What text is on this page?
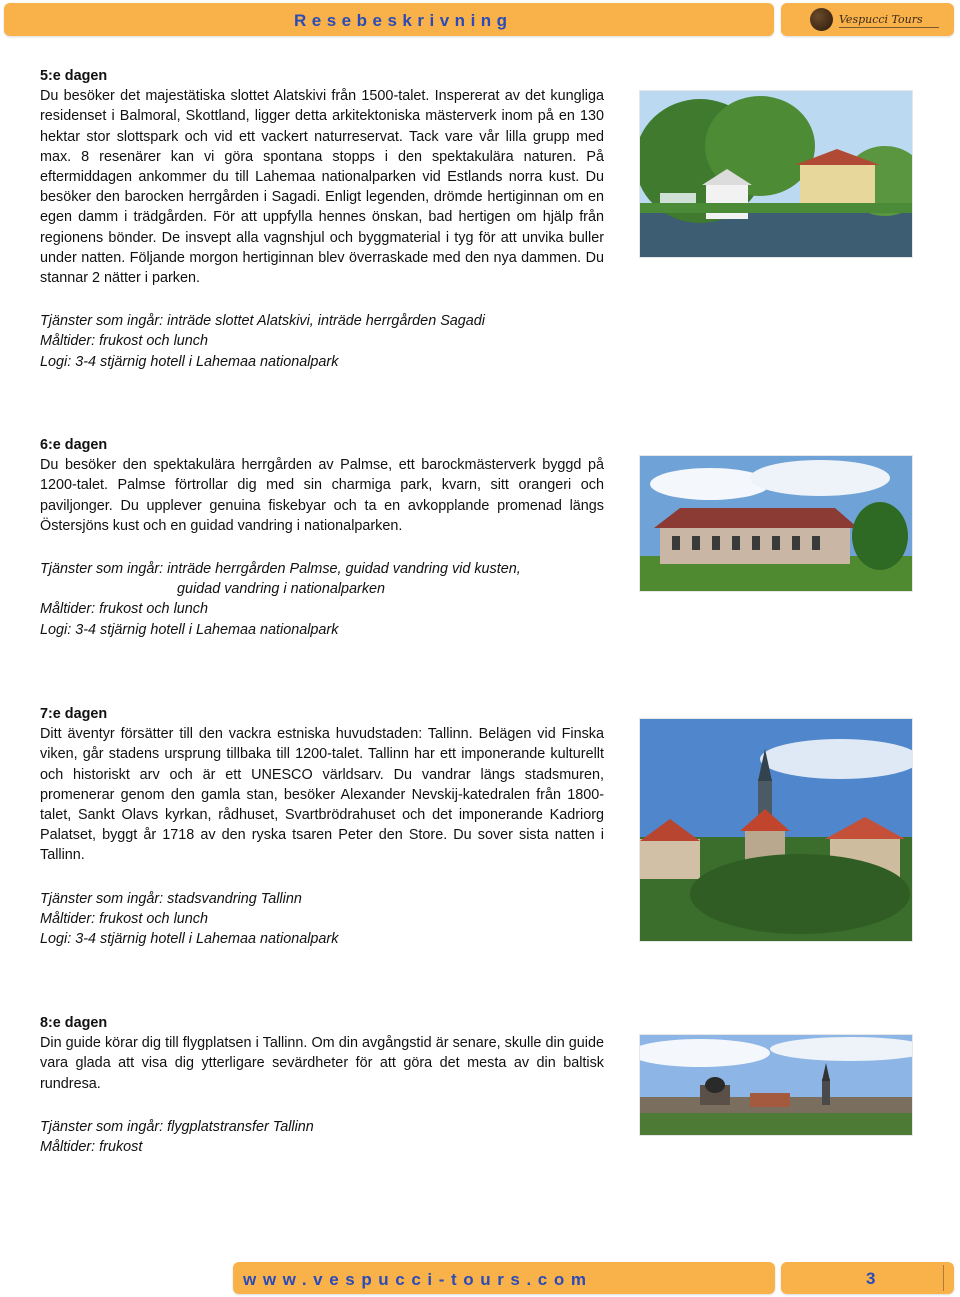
Resebeskrivning	Vespucci Tours
5:e dagen

Du besöker det majestätiska slottet Alatskivi från 1500-talet. Inspererat av det kungliga residenset i Balmoral, Skottland, ligger detta arkitektoniska mästerverk inom på en 130 hektar stor slottspark och vid ett vackert naturreservat. Tack vare vår lilla grupp med max. 8 resenärer kan vi göra spontana stopps i den spektakulära naturen. På eftermiddagen ankommer du till Lahemaa nationalparken vid Estlands norra kust. Du besöker den barocken herrgården i Sagadi. Enligt legenden, drömde hertiginnan om en egen damm i trädgården. För att uppfylla hennes önskan, bad hertigen om hjälp från regionens bönder. De insvept alla vagnshjul och byggmaterial i tyg för att unvika buller under natten. Följande morgon hertiginnan blev överraskade med den nya dammen. Du stannar 2 nätter i parken.

Tjänster som ingår: inträde slottet Alatskivi, inträde herrgården Sagadi
Måltider: frukost och lunch
Logi: 3-4 stjärnig hotell i Lahemaa nationalpark
6:e dagen

Du besöker den spektakulära herrgården av Palmse, ett barockmästerverk byggd på 1200-talet. Palmse förtrollar dig med sin charmiga park, kvarn, sitt orangeri och paviljonger. Du upplever genuina fiskebyar och ta en avkopplande promenad längs Östersjöns kust och en guidad vandring i nationalparken.

Tjänster som ingår: inträde herrgården Palmse, guidad vandring vid kusten,
guidad vandring i nationalparken
Måltider: frukost och lunch
Logi: 3-4 stjärnig hotell i Lahemaa nationalpark
7:e dagen

Ditt äventyr försätter till den vackra estniska huvudstaden: Tallinn. Belägen vid Finska viken, går stadens ursprung tillbaka till 1200-talet. Tallinn har ett imponerande kulturellt och historiskt arv och är ett UNESCO världsarv. Du vandrar längs stadsmuren, promenerar genom den gamla stan, besöker Alexander Nevskij-katedralen från 1800-talet, Sankt Olavs kyrkan, rådhuset, Svartbrödrahuset och det imponerande Kadriorg Palatset, byggt år 1718 av den ryska tsaren Peter den Store. Du sover sista natten i Tallinn.

Tjänster som ingår: stadsvandring Tallinn
Måltider: frukost och lunch
Logi: 3-4 stjärnig hotell i Lahemaa nationalpark
8:e dagen

Din guide körar dig till flygplatsen i Tallinn. Om din avgångstid är senare, skulle din guide vara glada att visa dig ytterligare sevärdheter för att göra det mesta av din baltisk rundresa.

Tjänster som ingår: flygplatstransfer Tallinn
Måltider: frukost
www.vespucci-tours.com	3
